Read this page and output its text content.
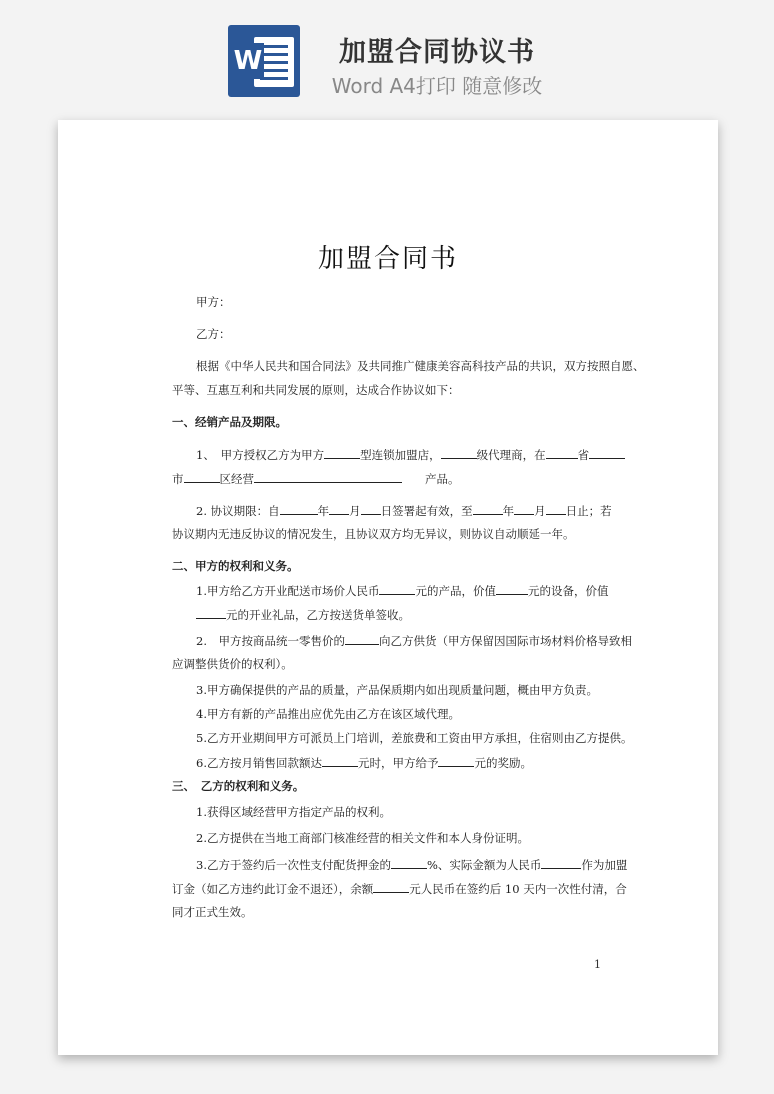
W	加盟合同协议书
Word A4打印 随意修改
加盟合同书
甲方：
乙方：
根据《中华人民共和国合同法》及共同推广健康美容高科技产品的共识，双方按照自愿、
平等、互惠互利和共同发展的原则，达成合作协议如下：
一、经销产品及期限。
1、　甲方授权乙方为甲方	型连锁加盟店，	级代理商，在	省
市	区经营　　	产品。
2. 协议期限：自	年 月 日签署起有效，至	年 月 日止；若
协议期内无违反协议的情况发生，且协议双方均无异议，则协议自动顺延一年。
二、甲方的权利和义务。
1.甲方给乙方开业配送市场价人民币	元的产品，价值	元的设备，价值
元的开业礼品，乙方按送货单签收。
2.　甲方按商品统一零售价的	向乙方供货（甲方保留因国际市场材料价格导致相
应调整供货价的权利）。
3.甲方确保提供的产品的质量，产品保质期内如出现质量问题，概由甲方负责。
4.甲方有新的产品推出应优先由乙方在该区域代理。
5.乙方开业期间甲方可派员上门培训，差旅费和工资由甲方承担，住宿则由乙方提供。
6.乙方按月销售回款额达	元时，甲方给予	元的奖励。
三、　乙方的权利和义务。
1.获得区域经营甲方指定产品的权利。
2.乙方提供在当地工商部门核准经营的相关文件和本人身份证明。
3.乙方于签约后一次性支付配货押金的	%、实际金额为人民币	作为加盟
订金（如乙方违约此订金不退还），余额	元人民币在签约后 10 天内一次性付清，合
同才正式生效。
1
